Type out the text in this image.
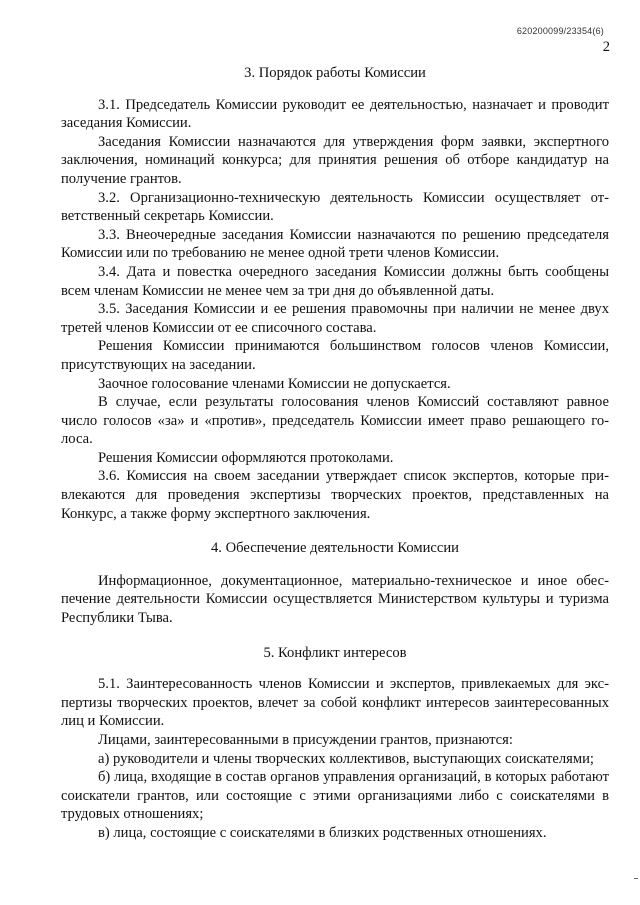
620200099/23354(6)
2

3. Порядок работы Комиссии

3.1. Председатель Комиссии руководит ее деятельностью, назначает и проводит заседания Комиссии.

Заседания Комиссии назначаются для утверждения форм заявки, экспертного заключения, номинаций конкурса; для принятия решения об отборе кандидатур на получение грантов.

3.2. Организационно-техническую деятельность Комиссии осуществляет ответственный секретарь Комиссии.

3.3. Внеочередные заседания Комиссии назначаются по решению председателя Комиссии или по требованию не менее одной трети членов Комиссии.

3.4. Дата и повестка очередного заседания Комиссии должны быть сообщены всем членам Комиссии не менее чем за три дня до объявленной даты.

3.5. Заседания Комиссии и ее решения правомочны при наличии не менее двух третей членов Комиссии от ее списочного состава.

Решения Комиссии принимаются большинством голосов членов Комиссии, присутствующих на заседании.

Заочное голосование членами Комиссии не допускается.

В случае, если результаты голосования членов Комиссий составляют равное число голосов «за» и «против», председатель Комиссии имеет право решающего голоса.

Решения Комиссии оформляются протоколами.

3.6. Комиссия на своем заседании утверждает список экспертов, которые привлекаются для проведения экспертизы творческих проектов, представленных на Конкурс, а также форму экспертного заключения.

4. Обеспечение деятельности Комиссии

Информационное, документационное, материально-техническое и иное обеспечение деятельности Комиссии осуществляется Министерством культуры и туризма Республики Тыва.

5. Конфликт интересов

5.1. Заинтересованность членов Комиссии и экспертов, привлекаемых для экспертизы творческих проектов, влечет за собой конфликт интересов заинтересованных лиц и Комиссии.

Лицами, заинтересованными в присуждении грантов, признаются:

а) руководители и члены творческих коллективов, выступающих соискателями;

б) лица, входящие в состав органов управления организаций, в которых работают соискатели грантов, или состоящие с этими организациями либо с соискателями в трудовых отношениях;

в) лица, состоящие с соискателями в близких родственных отношениях.
